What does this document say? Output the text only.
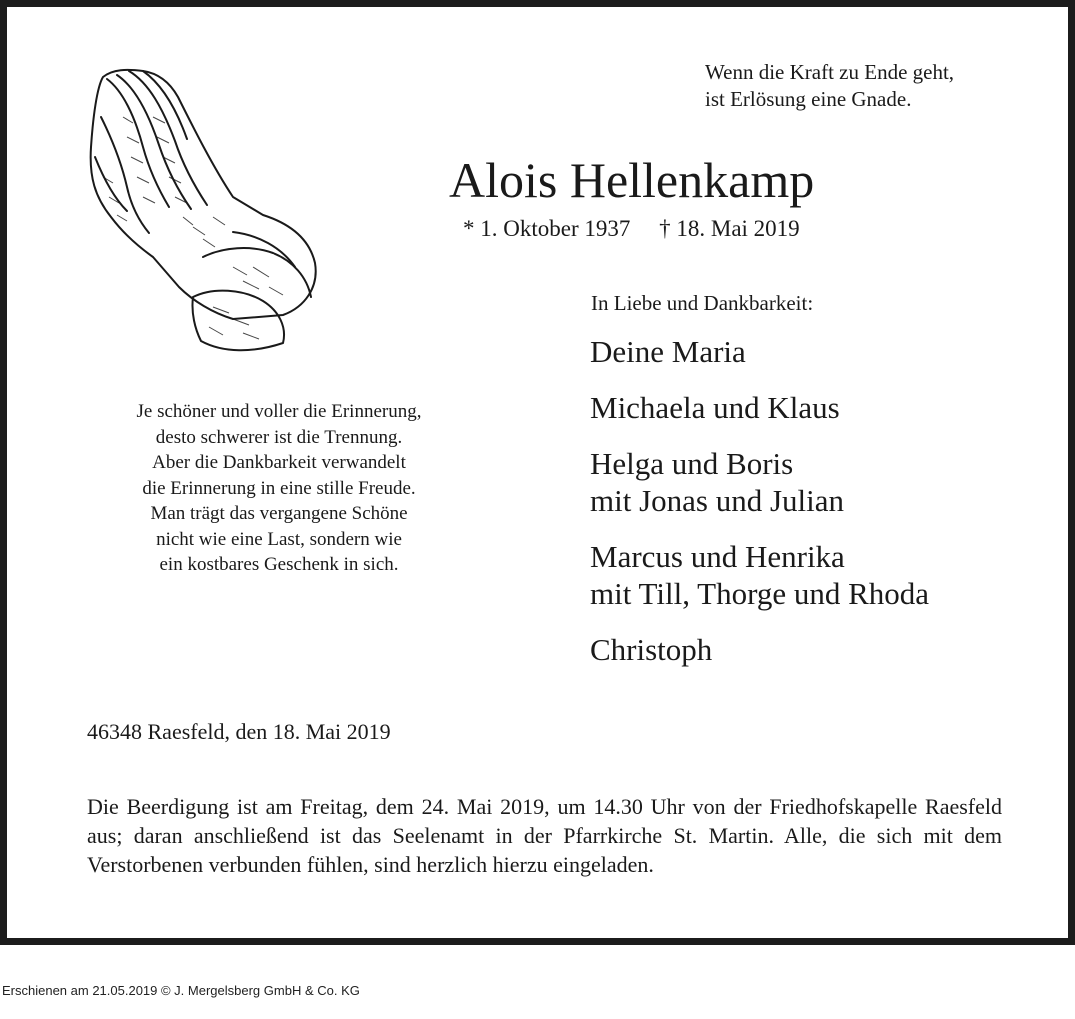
Wenn die Kraft zu Ende geht,
ist Erlösung eine Gnade.
Alois Hellenkamp
* 1. Oktober 1937 † 18. Mai 2019
Je schöner und voller die Erinnerung,
desto schwerer ist die Trennung.
Aber die Dankbarkeit verwandelt
die Erinnerung in eine stille Freude.
Man trägt das vergangene Schöne
nicht wie eine Last, sondern wie
ein kostbares Geschenk in sich.
In Liebe und Dankbarkeit:
Deine Maria
Michaela und Klaus
Helga und Boris
mit Jonas und Julian
Marcus und Henrika
mit Till, Thorge und Rhoda
Christoph
46348 Raesfeld, den 18. Mai 2019
Die Beerdigung ist am Freitag, dem 24. Mai 2019, um 14.30 Uhr von der Friedhofskapelle Raesfeld aus; daran anschließend ist das Seelenamt in der Pfarrkirche St. Martin. Alle, die sich mit dem Verstorbenen verbunden fühlen, sind herzlich hierzu eingeladen.
Erschienen am 21.05.2019 © J. Mergelsberg GmbH & Co. KG
